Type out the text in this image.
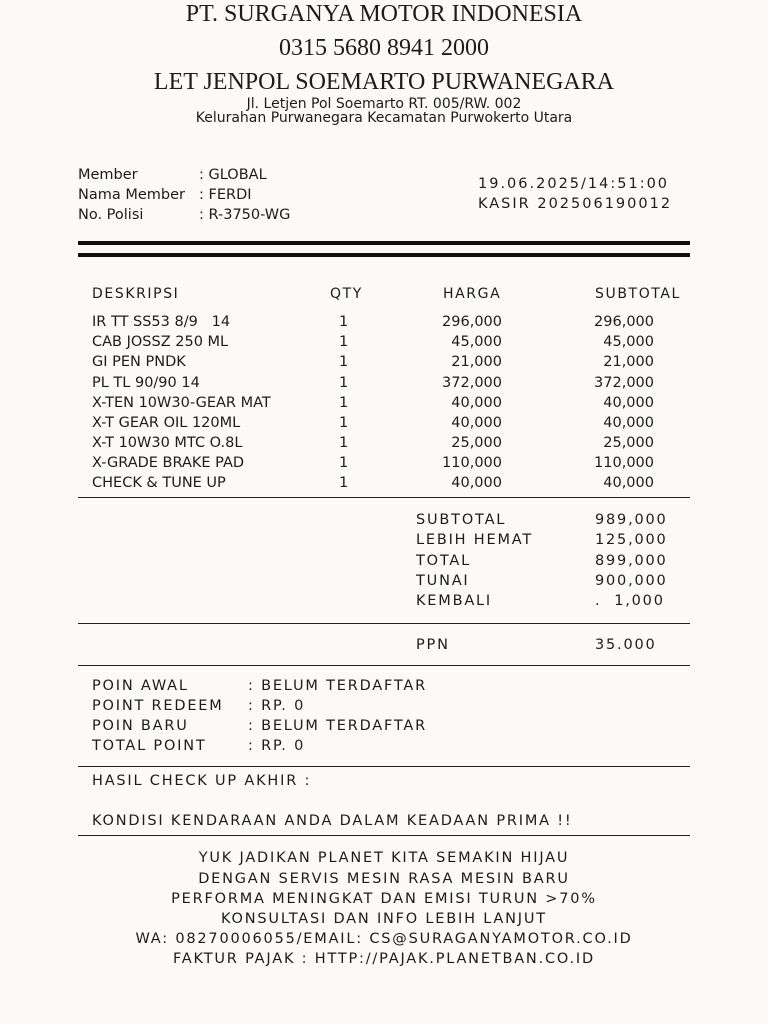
PT. SURGANYA MOTOR INDONESIA
0315 5680 8941 2000
LET JENPOL SOEMARTO PURWANEGARA
Jl. Letjen Pol Soemarto RT. 005/RW. 002
Kelurahan Purwanegara Kecamatan Purwokerto Utara
Member	: GLOBAL
Nama Member : FERDI
No. Polisi	: R-3750-WG
19.06.2025/14:51:00
KASIR 202506190012
DESKRIPSI	QTY	HARGA	SUBTOTAL
IR TT SS53 8/9   14	1	296,000	296,000
CAB JOSSZ 250 ML	1	45,000	45,000
GI PEN PNDK	1	21,000	21,000
PL TL 90/90 14	1	372,000	372,000
X-TEN 10W30-GEAR MAT	1	40,000	40,000
X-T GEAR OIL 120ML	1	40,000	40,000
X-T 10W30 MTC O.8L	1	25,000	25,000
X-GRADE BRAKE PAD	1	110,000	110,000
CHECK & TUNE UP	1	40,000	40,000
SUBTOTAL	989,000
LEBIH HEMAT	125,000
TOTAL	899,000
TUNAI	900,000
KEMBALI	.  1,000
PPN	35.000
POIN AWAL	: BELUM TERDAFTAR
POINT REDEEM : RP. 0
POIN BARU	: BELUM TERDAFTAR
TOTAL POINT	: RP. 0
HASIL CHECK UP AKHIR :
KONDISI KENDARAAN ANDA DALAM KEADAAN PRIMA !!
YUK JADIKAN PLANET KITA SEMAKIN HIJAU
DENGAN SERVIS MESIN RASA MESIN BARU
PERFORMA MENINGKAT DAN EMISI TURUN >70%
KONSULTASI DAN INFO LEBIH LANJUT
WA: 08270006055/EMAIL: CS@SURAGANYAMOTOR.CO.ID
FAKTUR PAJAK : HTTP://PAJAK.PLANETBAN.CO.ID
